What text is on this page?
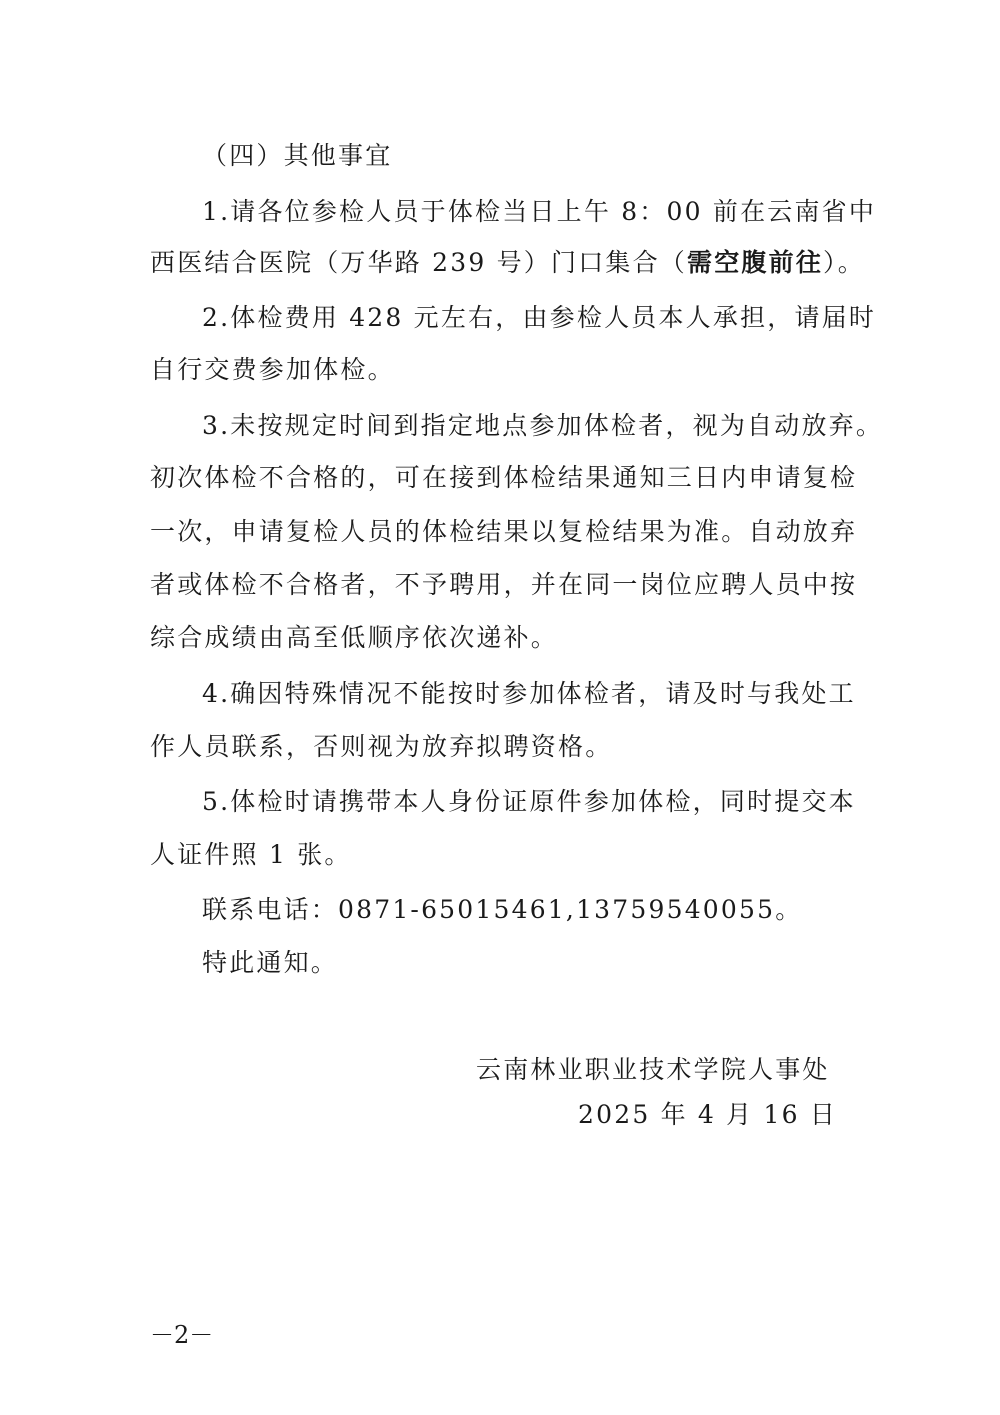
（四）其他事宜
1.请各位参检人员于体检当日上午 8：00 前在云南省中
西医结合医院（万华路 239 号）门口集合（需空腹前往）。
2.体检费用 428 元左右，由参检人员本人承担，请届时
自行交费参加体检。
3.未按规定时间到指定地点参加体检者，视为自动放弃。
初次体检不合格的，可在接到体检结果通知三日内申请复检
一次，申请复检人员的体检结果以复检结果为准。自动放弃
者或体检不合格者，不予聘用，并在同一岗位应聘人员中按
综合成绩由高至低顺序依次递补。
4.确因特殊情况不能按时参加体检者，请及时与我处工
作人员联系，否则视为放弃拟聘资格。
5.体检时请携带本人身份证原件参加体检，同时提交本
人证件照 1 张。
联系电话：0871-65015461,13759540055。
特此通知。
云南林业职业技术学院人事处
2025 年 4 月 16 日
－2－
